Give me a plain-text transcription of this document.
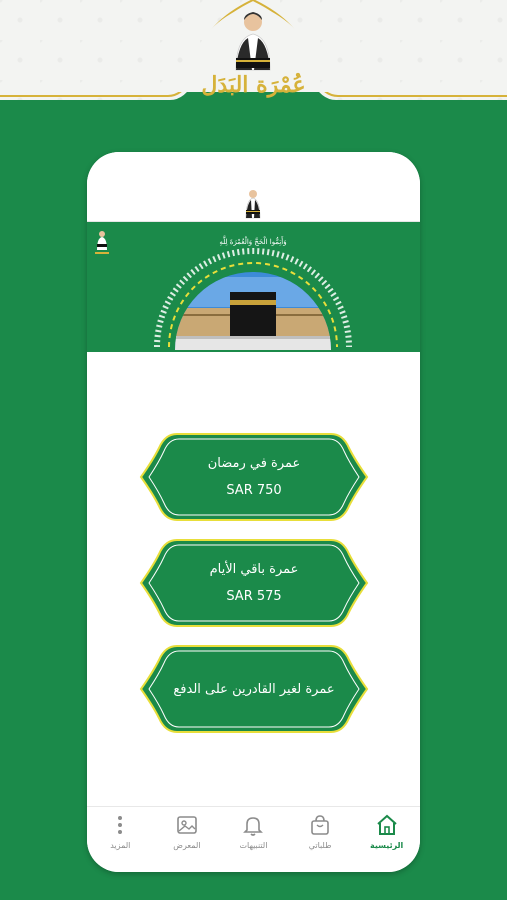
عُمْرَة البَدَل
وَأَتِمُّوا الْحَجَّ وَالْعُمْرَةَ لِلَّهِ
عمرة في رمضان
SAR 750
عمرة باقي الأيام
SAR 575
عمرة لغير القادرين على الدفع
المزيد	المعرض	التنبيهات	طلباتي	الرئيسية
